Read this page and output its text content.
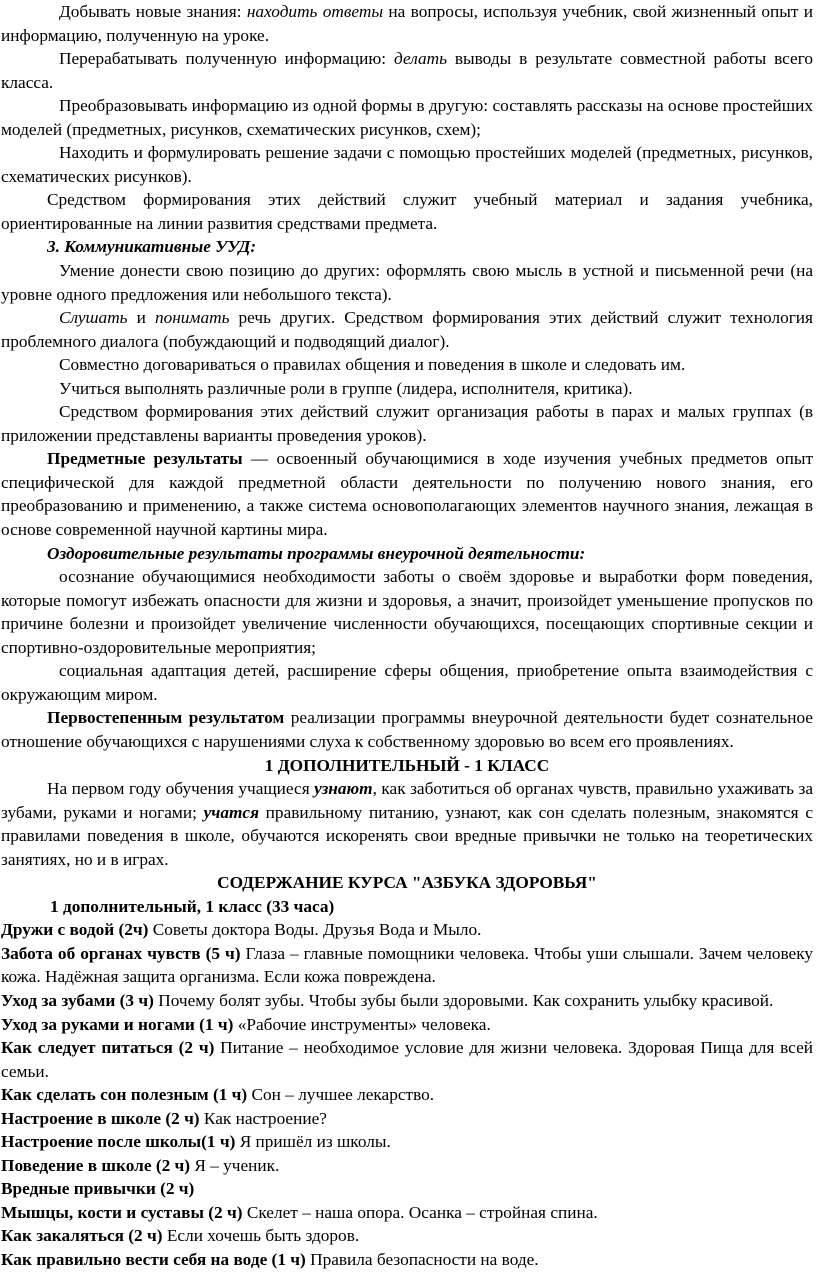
Добывать новые знания: находить ответы на вопросы, используя учебник, свой жизненный опыт и информацию, полученную на уроке.

Перерабатывать полученную информацию: делать выводы в результате совместной работы всего класса.

Преобразовывать информацию из одной формы в другую: составлять рассказы на основе простейших моделей (предметных, рисунков, схематических рисунков, схем);

Находить и формулировать решение задачи с помощью простейших моделей (предметных, рисунков, схематических рисунков).

Средством формирования этих действий служит учебный материал и задания учебника, ориентированные на линии развития средствами предмета.

3. Коммуникативные УУД:

Умение донести свою позицию до других: оформлять свою мысль в устной и письменной речи (на уровне одного предложения или небольшого текста).

Слушать и понимать речь других. Средством формирования этих действий служит технология проблемного диалога (побуждающий и подводящий диалог).

Совместно договариваться о правилах общения и поведения в школе и следовать им.

Учиться выполнять различные роли в группе (лидера, исполнителя, критика).

Средством формирования этих действий служит организация работы в парах и малых группах (в приложении представлены варианты проведения уроков).

Предметные результаты — освоенный обучающимися в ходе изучения учебных предметов опыт специфической для каждой предметной области деятельности по получению нового знания, его преобразованию и применению, а также система основополагающих элементов научного знания, лежащая в основе современной научной картины мира.

Оздоровительные результаты программы внеурочной деятельности:

осознание обучающимися необходимости заботы о своём здоровье и выработки форм поведения, которые помогут избежать опасности для жизни и здоровья, а значит, произойдет уменьшение пропусков по причине болезни и произойдет увеличение численности обучающихся, посещающих спортивные секции и спортивно-оздоровительные мероприятия;

социальная адаптация детей, расширение сферы общения, приобретение опыта взаимодействия с окружающим миром.

Первостепенным результатом реализации программы внеурочной деятельности будет сознательное отношение обучающихся с нарушениями слуха к собственному здоровью во всем его проявлениях.

1 ДОПОЛНИТЕЛЬНЫЙ - 1 КЛАСС

На первом году обучения учащиеся узнают, как заботиться об органах чувств, правильно ухаживать за зубами, руками и ногами; учатся правильному питанию, узнают, как сон сделать полезным, знакомятся с правилами поведения в школе, обучаются искоренять свои вредные привычки не только на теоретических занятиях, но и в играх.

СОДЕРЖАНИЕ КУРСА "АЗБУКА ЗДОРОВЬЯ"

1 дополнительный, 1 класс (33 часа)

Дружи с водой (2ч) Советы доктора Воды. Друзья Вода и Мыло.

Забота об органах чувств (5 ч) Глаза – главные помощники человека. Чтобы уши слышали. Зачем человеку кожа. Надёжная защита организма. Если кожа повреждена.

Уход за зубами (3 ч) Почему болят зубы. Чтобы зубы были здоровыми. Как сохранить улыбку красивой.

Уход за руками и ногами (1 ч) «Рабочие инструменты» человека.

Как следует питаться (2 ч) Питание – необходимое условие для жизни человека. Здоровая Пища для всей семьи.

Как сделать сон полезным (1 ч) Сон – лучшее лекарство.

Настроение в школе (2 ч) Как настроение?

Настроение после школы(1 ч) Я пришёл из школы.

Поведение в школе (2 ч) Я – ученик.

Вредные привычки (2 ч)

Мышцы, кости и суставы (2 ч) Скелет – наша опора. Осанка – стройная спина.

Как закаляться (2 ч) Если хочешь быть здоров.

Как правильно вести себя на воде (1 ч) Правила безопасности на воде.
